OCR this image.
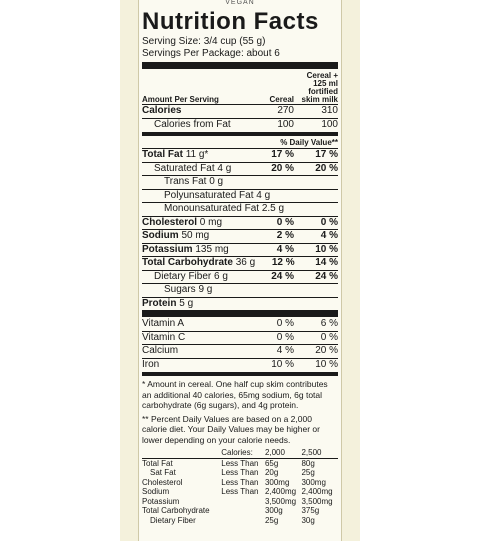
VEGAN
Nutrition Facts
Serving Size: 3/4 cup (55 g)
Servings Per Package: about 6
Amount Per Serving	Cereal
Cereal + 125 ml fortified skim milk
Calories	270	310
Calories from Fat	100	100
% Daily Value**
Total Fat 11 g*	17 %	17 %
Saturated Fat 4 g	20 %	20 %
Trans Fat 0 g
Polyunsaturated Fat 4 g
Monounsaturated Fat 2.5 g
Cholesterol 0 mg	0 %	0 %
Sodium 50 mg	2 %	4 %
Potassium 135 mg	4 %	10 %
Total Carbohydrate 36 g	12 %	14 %
Dietary Fiber 6 g	24 %	24 %
Sugars 9 g
Protein 5 g
Vitamin A	0 %	6 %
Vitamin C	0 %	0 %
Calcium	4 %	20 %
Iron	10 %	10 %

* Amount in cereal. One half cup skim contributes an additional 40 calories, 65mg sodium, 6g total carbohydrate (6g sugars), and 4g protein.

** Percent Daily Values are based on a 2,000 calorie diet. Your Daily Values may be higher or lower depending on your calorie needs.

	Calories:	2,000	2,500
Total Fat	Less Than	65g	80g
Sat Fat	Less Than	20g	25g
Cholesterol	Less Than	300mg	300mg
Sodium	Less Than	2,400mg	2,400mg
Potassium		3,500mg	3,500mg
Total Carbohydrate		300g	375g
Dietary Fiber		25g	30g
